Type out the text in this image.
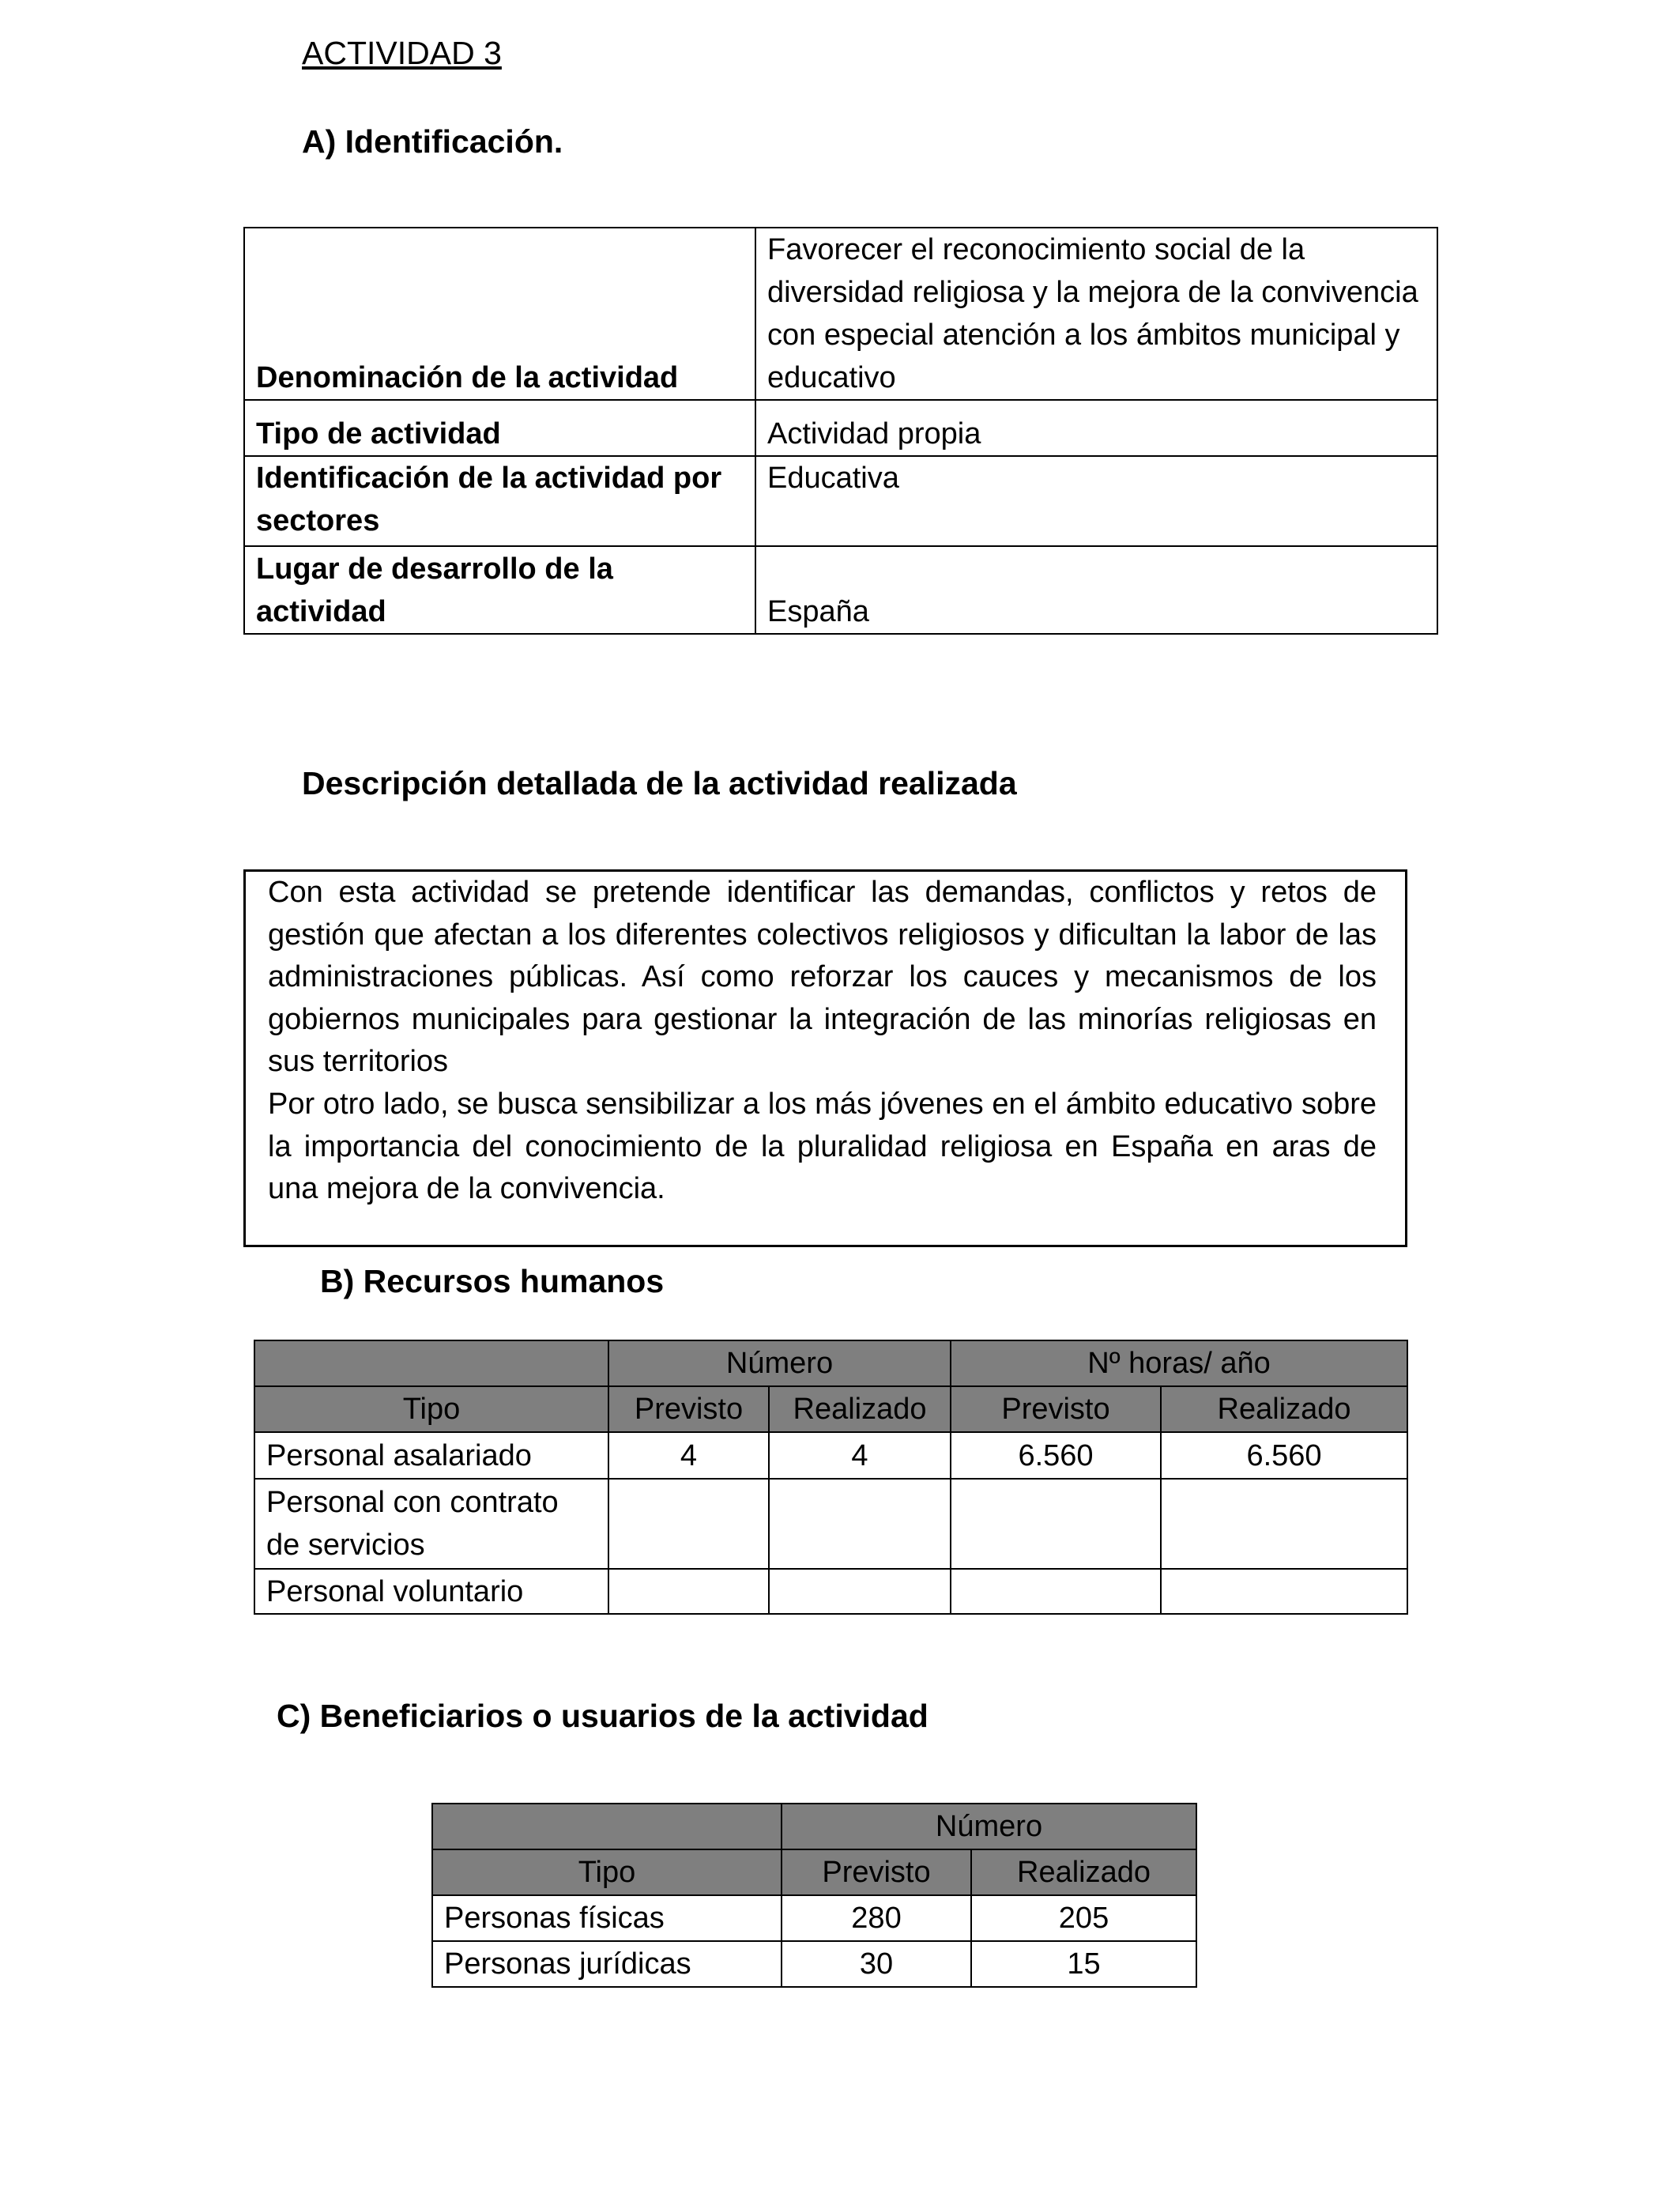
ACTIVIDAD 3
A) Identificación.
Denominación de la actividad	Favorecer el reconocimiento social de la diversidad religiosa y la mejora de la convivencia con especial atención a los ámbitos municipal y educativo
Tipo de actividad	Actividad propia
Identificación de la actividad por sectores	Educativa
Lugar de desarrollo de la actividad	España
Descripción detallada de la actividad realizada

Con esta actividad se pretende identificar las demandas, conflictos y retos de gestión que afectan a los diferentes colectivos religiosos y dificultan la labor de las administraciones públicas. Así como reforzar los cauces y mecanismos de los gobiernos municipales para gestionar la integración de las minorías religiosas en sus territorios

Por otro lado, se busca sensibilizar a los más jóvenes en el ámbito educativo sobre la importancia del conocimiento de la pluralidad religiosa en España en aras de una mejora de la convivencia.

B) Recursos humanos
	Número		Nº horas/ año	
Tipo	Previsto	Realizado	Previsto	Realizado
Personal asalariado	4	4	6.560	6.560
Personal con contrato de servicios				
Personal voluntario				
C) Beneficiarios o usuarios de la actividad
	Número	
Tipo	Previsto	Realizado
Personas físicas	280	205
Personas jurídicas	30	15
